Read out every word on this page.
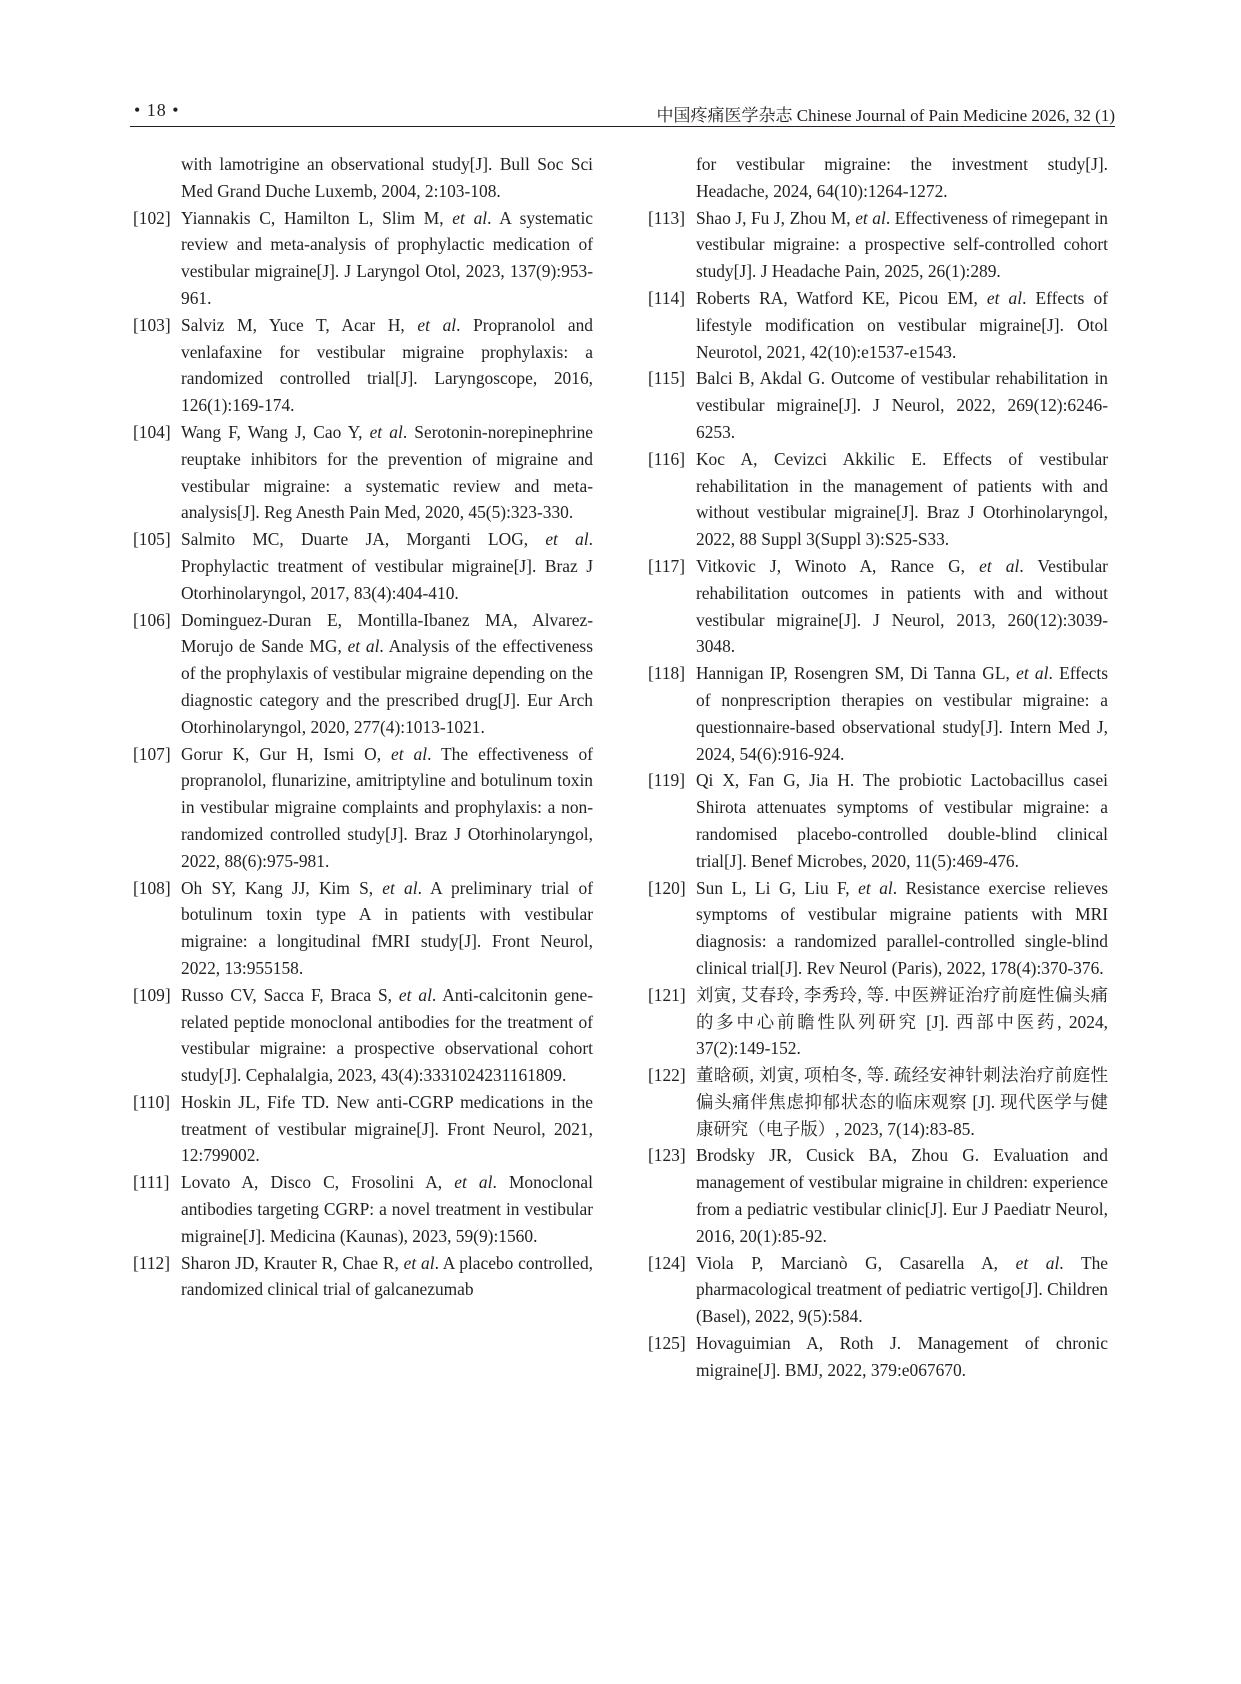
• 18 •	中国疼痛医学杂志 Chinese Journal of Pain Medicine 2026, 32 (1)
with lamotrigine an observational study[J]. Bull Soc Sci Med Grand Duche Luxemb, 2004, 2:103-108.
[102] Yiannakis C, Hamilton L, Slim M, et al. A systematic review and meta-analysis of prophylactic medication of vestibular migraine[J]. J Laryngol Otol, 2023, 137(9):953-961.
[103] Salviz M, Yuce T, Acar H, et al. Propranolol and venlafaxine for vestibular migraine prophylaxis: a randomized controlled trial[J]. Laryngoscope, 2016, 126(1):169-174.
[104] Wang F, Wang J, Cao Y, et al. Serotonin-norepinephrine reuptake inhibitors for the prevention of migraine and vestibular migraine: a systematic review and meta-analysis[J]. Reg Anesth Pain Med, 2020, 45(5):323-330.
[105] Salmito MC, Duarte JA, Morganti LOG, et al. Prophylactic treatment of vestibular migraine[J]. Braz J Otorhinolaryngol, 2017, 83(4):404-410.
[106] Dominguez-Duran E, Montilla-Ibanez MA, Alvarez-Morujo de Sande MG, et al. Analysis of the effectiveness of the prophylaxis of vestibular migraine depending on the diagnostic category and the prescribed drug[J]. Eur Arch Otorhinolaryngol, 2020, 277(4):1013-1021.
[107] Gorur K, Gur H, Ismi O, et al. The effectiveness of propranolol, flunarizine, amitriptyline and botulinum toxin in vestibular migraine complaints and prophylaxis: a non-randomized controlled study[J]. Braz J Otorhinolaryngol, 2022, 88(6):975-981.
[108] Oh SY, Kang JJ, Kim S, et al. A preliminary trial of botulinum toxin type A in patients with vestibular migraine: a longitudinal fMRI study[J]. Front Neurol, 2022, 13:955158.
[109] Russo CV, Sacca F, Braca S, et al. Anti-calcitonin gene-related peptide monoclonal antibodies for the treatment of vestibular migraine: a prospective observational cohort study[J]. Cephalalgia, 2023, 43(4):3331024231161809.
[110] Hoskin JL, Fife TD. New anti-CGRP medications in the treatment of vestibular migraine[J]. Front Neurol, 2021, 12:799002.
[111] Lovato A, Disco C, Frosolini A, et al. Monoclonal antibodies targeting CGRP: a novel treatment in vestibular migraine[J]. Medicina (Kaunas), 2023, 59(9):1560.
[112] Sharon JD, Krauter R, Chae R, et al. A placebo controlled, randomized clinical trial of galcanezumab
for vestibular migraine: the investment study[J]. Headache, 2024, 64(10):1264-1272.
[113] Shao J, Fu J, Zhou M, et al. Effectiveness of rimegepant in vestibular migraine: a prospective self-controlled cohort study[J]. J Headache Pain, 2025, 26(1):289.
[114] Roberts RA, Watford KE, Picou EM, et al. Effects of lifestyle modification on vestibular migraine[J]. Otol Neurotol, 2021, 42(10):e1537-e1543.
[115] Balci B, Akdal G. Outcome of vestibular rehabilitation in vestibular migraine[J]. J Neurol, 2022, 269(12):6246-6253.
[116] Koc A, Cevizci Akkilic E. Effects of vestibular rehabilitation in the management of patients with and without vestibular migraine[J]. Braz J Otorhinolaryngol, 2022, 88 Suppl 3(Suppl 3):S25-S33.
[117] Vitkovic J, Winoto A, Rance G, et al. Vestibular rehabilitation outcomes in patients with and without vestibular migraine[J]. J Neurol, 2013, 260(12):3039-3048.
[118] Hannigan IP, Rosengren SM, Di Tanna GL, et al. Effects of nonprescription therapies on vestibular migraine: a questionnaire-based observational study[J]. Intern Med J, 2024, 54(6):916-924.
[119] Qi X, Fan G, Jia H. The probiotic Lactobacillus casei Shirota attenuates symptoms of vestibular migraine: a randomised placebo-controlled double-blind clinical trial[J]. Benef Microbes, 2020, 11(5):469-476.
[120] Sun L, Li G, Liu F, et al. Resistance exercise relieves symptoms of vestibular migraine patients with MRI diagnosis: a randomized parallel-controlled single-blind clinical trial[J]. Rev Neurol (Paris), 2022, 178(4):370-376.
[121] 刘寅, 艾春玲, 李秀玲, 等. 中医辨证治疗前庭性偏头痛的多中心前瞻性队列研究 [J]. 西部中医药, 2024, 37(2):149-152.
[122] 董晗硕, 刘寅, 项柏冬, 等. 疏经安神针刺法治疗前庭性偏头痛伴焦虑抑郁状态的临床观察 [J]. 现代医学与健康研究（电子版）, 2023, 7(14):83-85.
[123] Brodsky JR, Cusick BA, Zhou G. Evaluation and management of vestibular migraine in children: experience from a pediatric vestibular clinic[J]. Eur J Paediatr Neurol, 2016, 20(1):85-92.
[124] Viola P, Marcianò G, Casarella A, et al. The pharmacological treatment of pediatric vertigo[J]. Children (Basel), 2022, 9(5):584.
[125] Hovaguimian A, Roth J. Management of chronic migraine[J]. BMJ, 2022, 379:e067670.
